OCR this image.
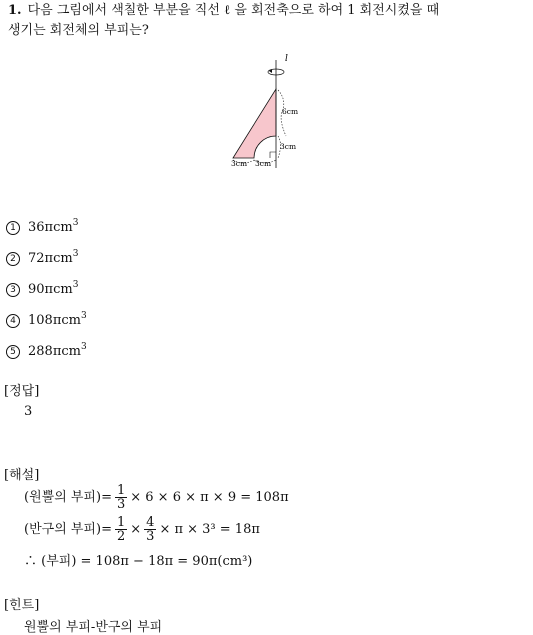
1. 다음 그림에서 색칠한 부분을 직선 ℓ 을 회전축으로 하여 1 회전시켰을 때
생기는 회전체의 부피는?
l
6cm
3cm
3cm 3cm
1 36πcm$^3$
2 72πcm$^3$
3 90πcm$^3$
4 108πcm$^3$
5 288πcm$^3$
[정답]
3
[해설]
(원뿔의 부피)= $\frac{1}{3} \times 6 \times 6 \times \pi \times 9 = 108\pi$
(반구의 부피)= $\frac{1}{2} \times \frac{4}{3} \times \pi \times 3^3 = 18\pi$
∴ (부피) = 108π − 18π = 90π(cm³)
[힌트]
원뿔의 부피-반구의 부피
